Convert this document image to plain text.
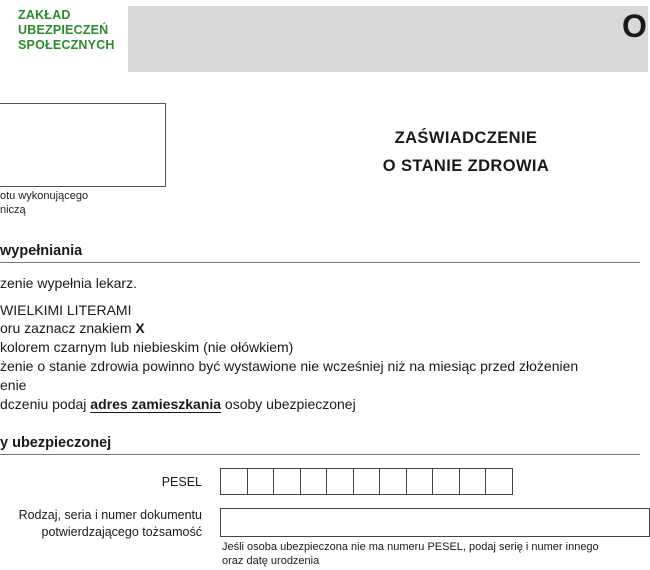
ZAKŁAD
UBEZPIECZEŃ
SPOŁECZNYCH
O
otu wykonującego
niczą
ZAŚWIADCZENIE
O STANIE ZDROWIA
wypełniania
zenie wypełnia lekarz.
WIELKIMI LITERAMI
oru zaznacz znakiem X
kolorem czarnym lub niebieskim (nie ołówkiem)
żenie o stanie zdrowia powinno być wystawione nie wcześniej niż na miesiąc przed złożenien
enie
dczeniu podaj adres zamieszkania osoby ubezpieczonej
y ubezpieczonej
PESEL
Rodzaj, seria i numer dokumentu
potwierdzającego tożsamość
Jeśli osoba ubezpieczona nie ma numeru PESEL, podaj serię i numer innego
oraz datę urodzenia
